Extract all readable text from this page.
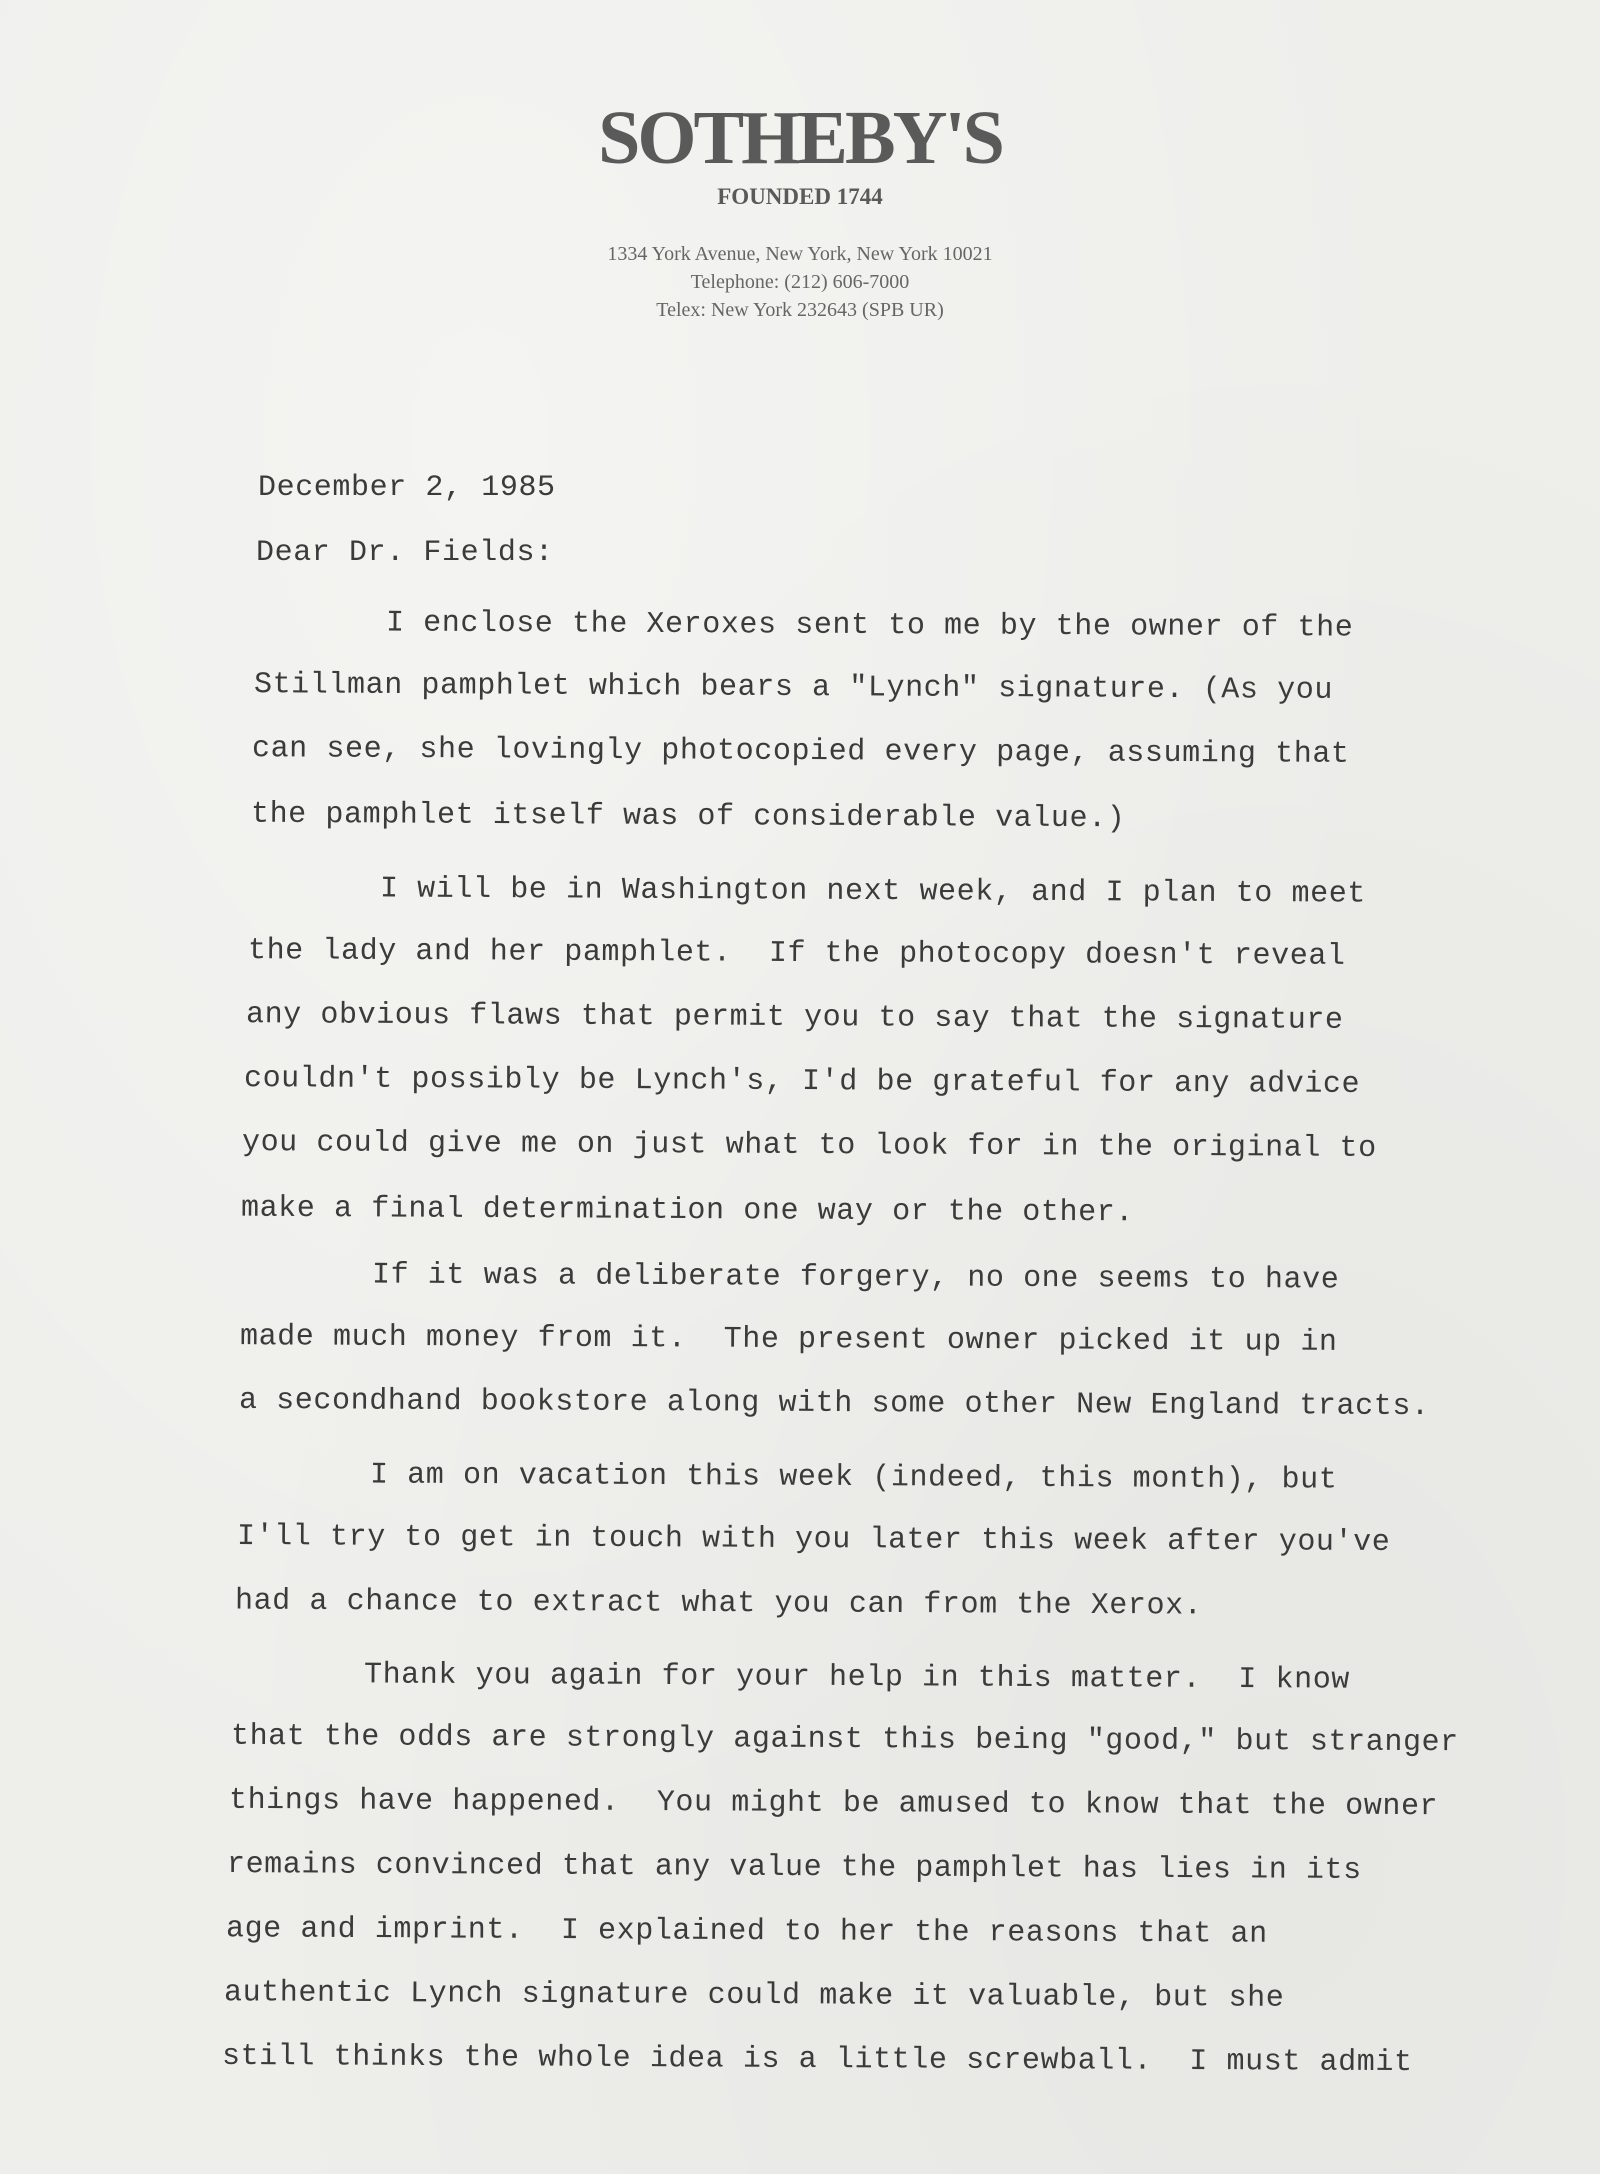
SOTHEBY'S
FOUNDED 1744
1334 York Avenue, New York, New York 10021
Telephone: (212) 606-7000
Telex: New York 232643 (SPB UR)
December 2, 1985
Dear Dr. Fields:
I enclose the Xeroxes sent to me by the owner of the
Stillman pamphlet which bears a "Lynch" signature. (As you
can see, she lovingly photocopied every page, assuming that
the pamphlet itself was of considerable value.)
I will be in Washington next week, and I plan to meet
the lady and her pamphlet.  If the photocopy doesn't reveal
any obvious flaws that permit you to say that the signature
couldn't possibly be Lynch's, I'd be grateful for any advice
you could give me on just what to look for in the original to
make a final determination one way or the other.
If it was a deliberate forgery, no one seems to have
made much money from it.  The present owner picked it up in
a secondhand bookstore along with some other New England tracts.
I am on vacation this week (indeed, this month), but
I'll try to get in touch with you later this week after you've
had a chance to extract what you can from the Xerox.
Thank you again for your help in this matter.  I know
that the odds are strongly against this being "good," but stranger
things have happened.  You might be amused to know that the owner
remains convinced that any value the pamphlet has lies in its
age and imprint.  I explained to her the reasons that an
authentic Lynch signature could make it valuable, but she
still thinks the whole idea is a little screwball.  I must admit
